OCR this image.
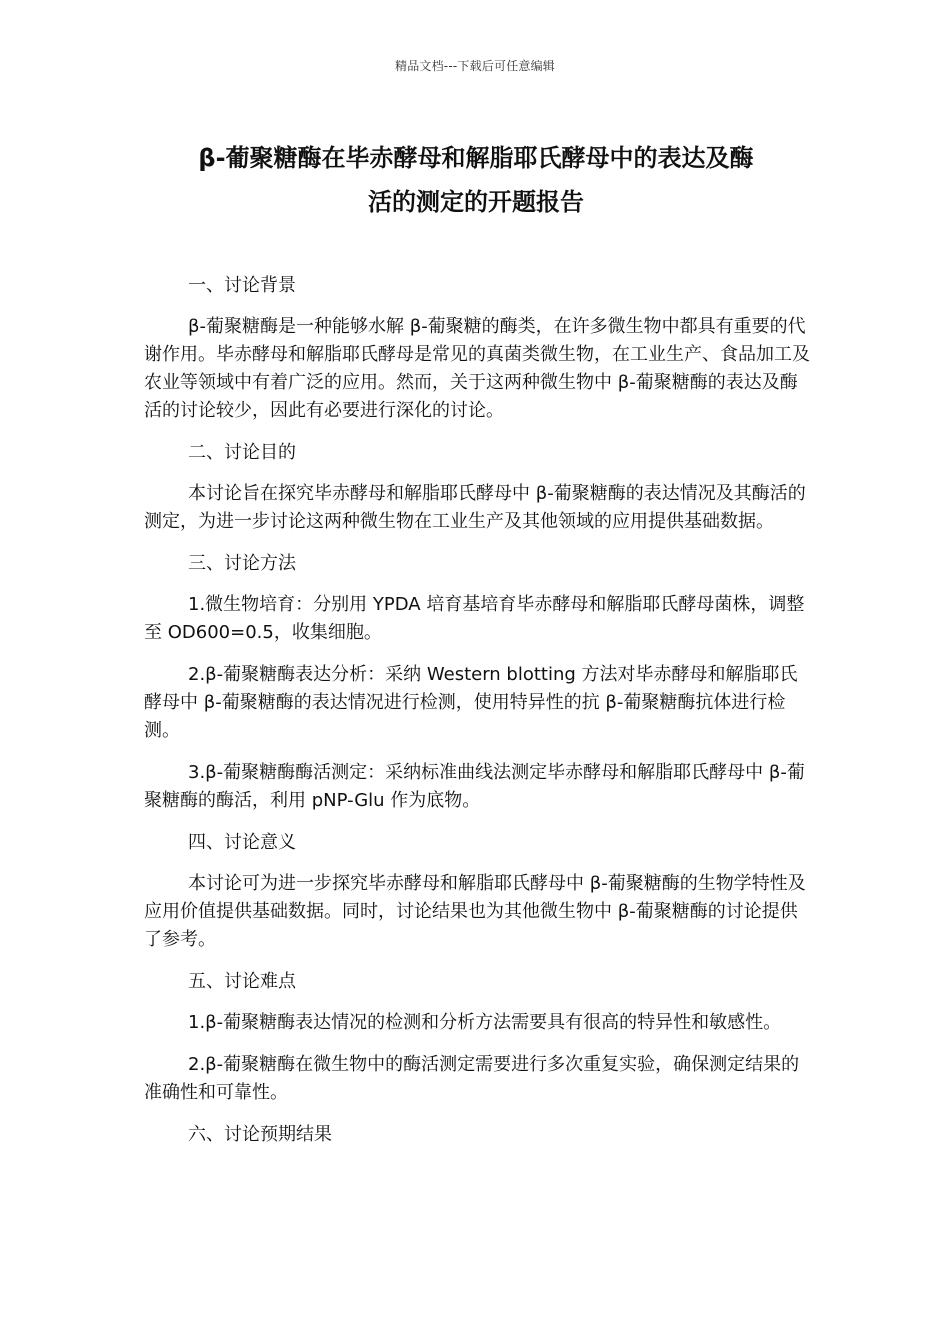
精品文档---下载后可任意编辑
β-葡聚糖酶在毕赤酵母和解脂耶氏酵母中的表达及酶
活的测定的开题报告
一、讨论背景

β-葡聚糖酶是一种能够水解 β-葡聚糖的酶类，在许多微生物中都具有重要的代谢作用。毕赤酵母和解脂耶氏酵母是常见的真菌类微生物，在工业生产、食品加工及农业等领域中有着广泛的应用。然而，关于这两种微生物中 β-葡聚糖酶的表达及酶活的讨论较少，因此有必要进行深化的讨论。

二、讨论目的

本讨论旨在探究毕赤酵母和解脂耶氏酵母中 β-葡聚糖酶的表达情况及其酶活的测定，为进一步讨论这两种微生物在工业生产及其他领域的应用提供基础数据。

三、讨论方法

1.微生物培育：分别用 YPDA 培育基培育毕赤酵母和解脂耶氏酵母菌株，调整至 OD600=0.5，收集细胞。

2.β-葡聚糖酶表达分析：采纳 Western blotting 方法对毕赤酵母和解脂耶氏酵母中 β-葡聚糖酶的表达情况进行检测，使用特异性的抗 β-葡聚糖酶抗体进行检测。

3.β-葡聚糖酶酶活测定：采纳标准曲线法测定毕赤酵母和解脂耶氏酵母中 β-葡聚糖酶的酶活，利用 pNP-Glu 作为底物。

四、讨论意义

本讨论可为进一步探究毕赤酵母和解脂耶氏酵母中 β-葡聚糖酶的生物学特性及应用价值提供基础数据。同时，讨论结果也为其他微生物中 β-葡聚糖酶的讨论提供了参考。

五、讨论难点

1.β-葡聚糖酶表达情况的检测和分析方法需要具有很高的特异性和敏感性。

2.β-葡聚糖酶在微生物中的酶活测定需要进行多次重复实验，确保测定结果的准确性和可靠性。

六、讨论预期结果
